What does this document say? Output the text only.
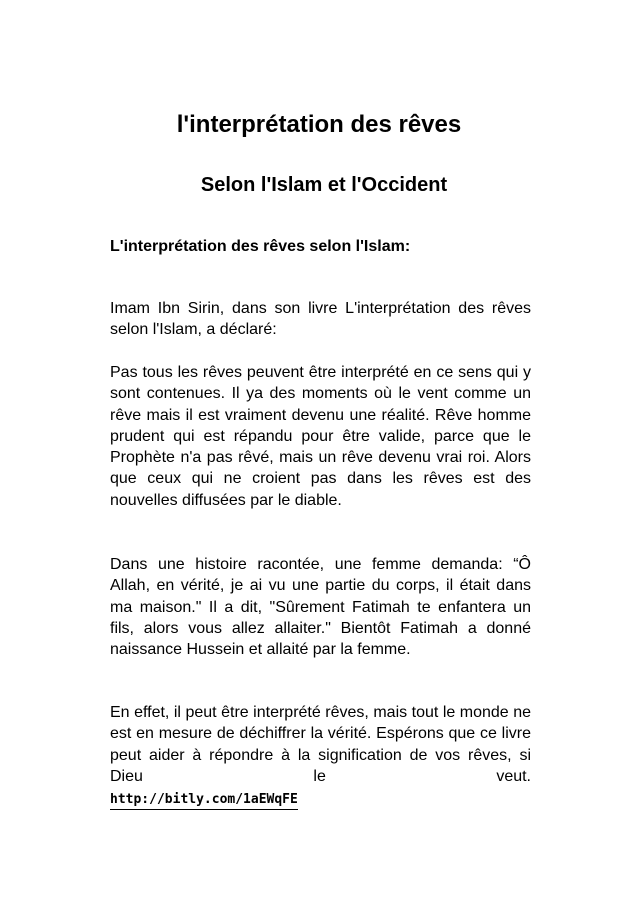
l'interprétation des rêves
Selon l'Islam et l'Occident
L'interprétation des rêves selon l'Islam:

Imam Ibn Sirin, dans son livre L'interprétation des rêves selon l'Islam, a déclaré:

Pas tous les rêves peuvent être interprété en ce sens qui y sont contenues. Il ya des moments où le vent comme un rêve mais il est vraiment devenu une réalité. Rêve homme prudent qui est répandu pour être valide, parce que le Prophète n'a pas rêvé, mais un rêve devenu vrai roi. Alors que ceux qui ne croient pas dans les rêves est des nouvelles diffusées par le diable.

Dans une histoire racontée, une femme demanda: “Ô Allah, en vérité, je ai vu une partie du corps, il était dans ma maison." Il a dit, "Sûrement Fatimah te enfantera un fils, alors vous allez allaiter." Bientôt Fatimah a donné naissance Hussein et allaité par la femme.

En effet, il peut être interprété rêves, mais tout le monde ne est en mesure de déchiffrer la vérité. Espérons que ce livre peut aider à répondre à la signification de vos rêves, si Dieu le veut.

http://bitly.com/1aEWqFE
